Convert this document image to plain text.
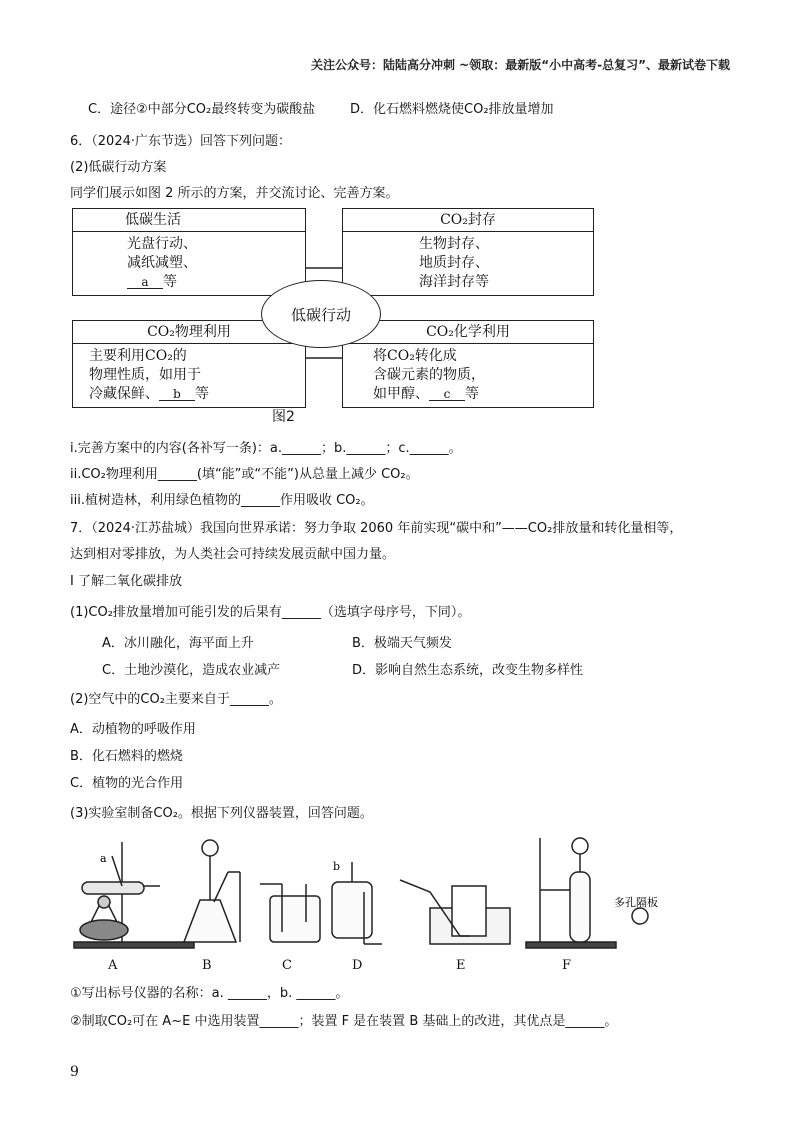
关注公众号：陆陆高分冲刺 ~领取：最新版“小中高考-总复习”、最新试卷下载
C．途径②中部分CO₂最终转变为碳酸盐	D．化石燃料燃烧使CO₂排放量增加
6．（2024·广东节选）回答下列问题：
(2)低碳行动方案
同学们展示如图 2 所示的方案，并交流讨论、完善方案。
低碳生活
光盘行动、
减纸减塑、
a 等
CO₂封存
生物封存、
地质封存、
海洋封存等
CO₂物理利用
主要利用CO₂的
物理性质，如用于
冷藏保鲜、 b 等
CO₂化学利用
将CO₂转化成
含碳元素的物质，
如甲醇、 c 等
低碳行动
图2
i.完善方案中的内容(各补写一条)：a.______；b.______；c.______。
ii.CO₂物理利用______(填“能”或“不能”)从总量上减少 CO₂。
iii.植树造林，利用绿色植物的______作用吸收 CO₂。
7．（2024·江苏盐城）我国向世界承诺：努力争取 2060 年前实现“碳中和”——CO₂排放量和转化量相等，
达到相对零排放，为人类社会可持续发展贡献中国力量。
Ⅰ 了解二氧化碳排放
(1)CO₂排放量增加可能引发的后果有______（选填字母序号，下同）。
A．冰川融化，海平面上升	B．极端天气频发
C．土地沙漠化，造成农业减产	D．影响自然生态系统，改变生物多样性
(2)空气中的CO₂主要来自于______。
A．动植物的呼吸作用
B．化石燃料的燃烧
C．植物的光合作用
(3)实验室制备CO₂。根据下列仪器装置，回答问题。
a
b
多孔隔板
A	B	C	D	E	F
①写出标号仪器的名称：a. ______，b. ______。
②制取CO₂可在 A~E 中选用装置______；装置 F 是在装置 B 基础上的改进，其优点是______。
9
